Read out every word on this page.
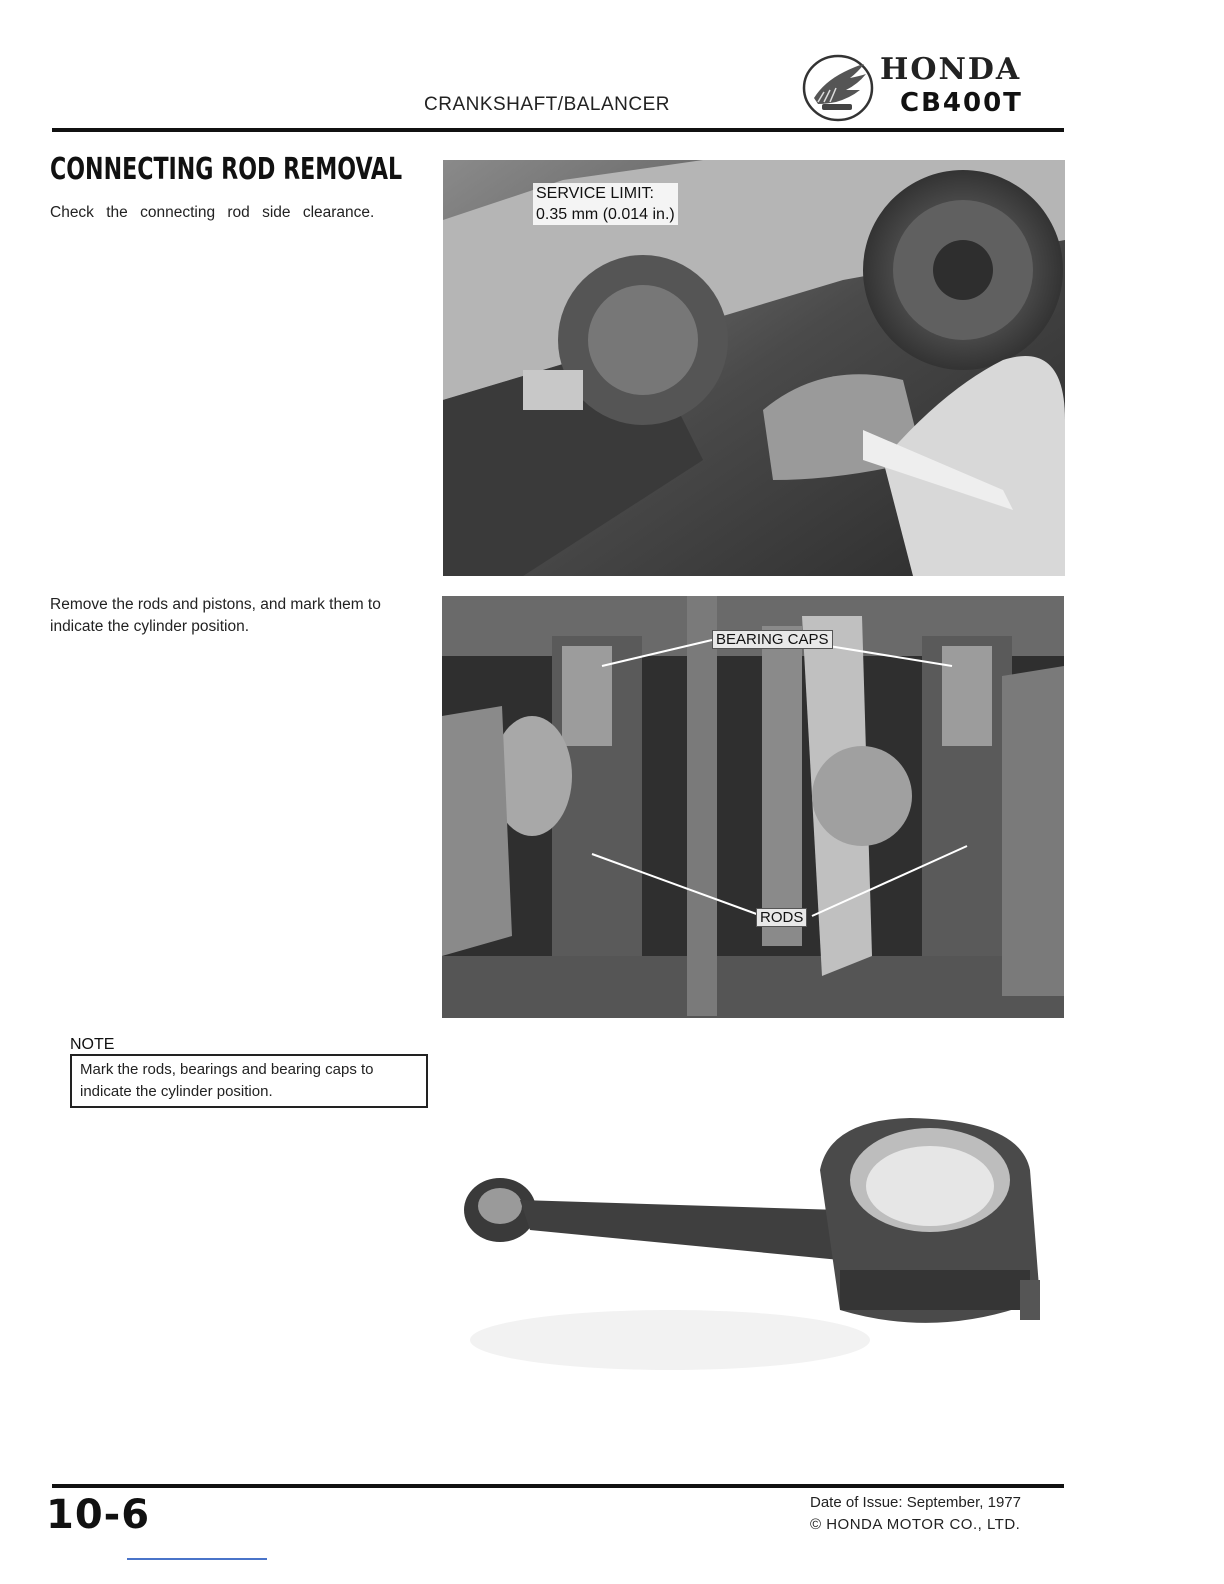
CRANKSHAFT/BALANCER
HONDA
CB400T
CONNECTING ROD REMOVAL
Check the connecting rod side clearance.
Remove the rods and pistons, and mark them to indicate the cylinder position.
NOTE
Mark the rods, bearings and bearing caps to indicate the cylinder position.
SERVICE LIMIT:
0.35 mm (0.014 in.)
BEARING CAPS
RODS
10-6	Date of Issue: September, 1977
© HONDA MOTOR CO., LTD.
